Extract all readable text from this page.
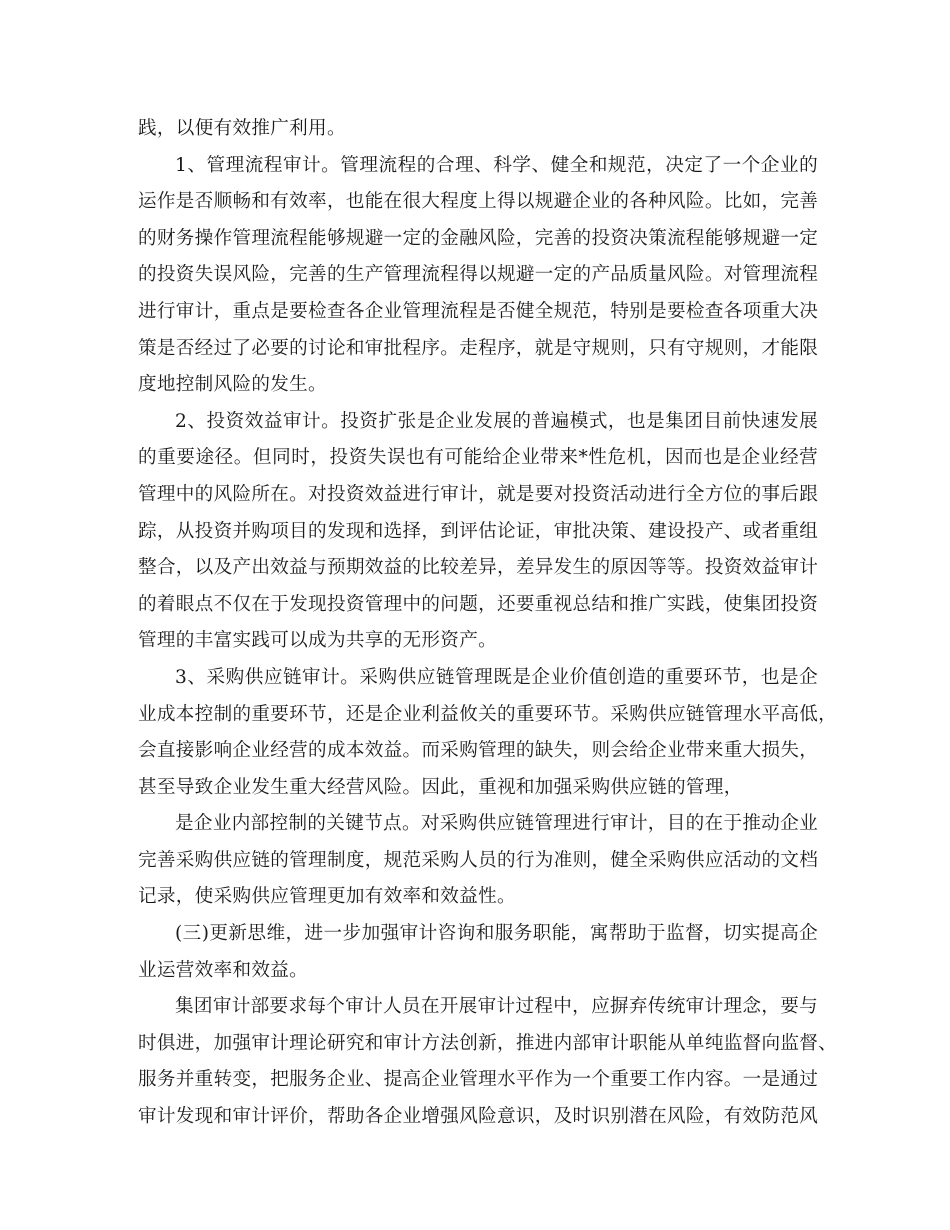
践，以便有效推广利用。
1、管理流程审计。管理流程的合理、科学、健全和规范，决定了一个企业的
运作是否顺畅和有效率，也能在很大程度上得以规避企业的各种风险。比如，完善
的财务操作管理流程能够规避一定的金融风险，完善的投资决策流程能够规避一定
的投资失误风险，完善的生产管理流程得以规避一定的产品质量风险。对管理流程
进行审计，重点是要检查各企业管理流程是否健全规范，特别是要检查各项重大决
策是否经过了必要的讨论和审批程序。走程序，就是守规则，只有守规则，才能限
度地控制风险的发生。
2、投资效益审计。投资扩张是企业发展的普遍模式，也是集团目前快速发展
的重要途径。但同时，投资失误也有可能给企业带来*性危机，因而也是企业经营
管理中的风险所在。对投资效益进行审计，就是要对投资活动进行全方位的事后跟
踪，从投资并购项目的发现和选择，到评估论证，审批决策、建设投产、或者重组
整合，以及产出效益与预期效益的比较差异，差异发生的原因等等。投资效益审计
的着眼点不仅在于发现投资管理中的问题，还要重视总结和推广实践，使集团投资
管理的丰富实践可以成为共享的无形资产。
3、采购供应链审计。采购供应链管理既是企业价值创造的重要环节，也是企
业成本控制的重要环节，还是企业利益攸关的重要环节。采购供应链管理水平高低，
会直接影响企业经营的成本效益。而采购管理的缺失，则会给企业带来重大损失，
甚至导致企业发生重大经营风险。因此，重视和加强采购供应链的管理，
是企业内部控制的关键节点。对采购供应链管理进行审计，目的在于推动企业
完善采购供应链的管理制度，规范采购人员的行为准则，健全采购供应活动的文档
记录，使采购供应管理更加有效率和效益性。
(三)更新思维，进一步加强审计咨询和服务职能，寓帮助于监督，切实提高企
业运营效率和效益。
集团审计部要求每个审计人员在开展审计过程中，应摒弃传统审计理念，要与
时俱进，加强审计理论研究和审计方法创新，推进内部审计职能从单纯监督向监督、
服务并重转变，把服务企业、提高企业管理水平作为一个重要工作内容。一是通过
审计发现和审计评价，帮助各企业增强风险意识，及时识别潜在风险，有效防范风
